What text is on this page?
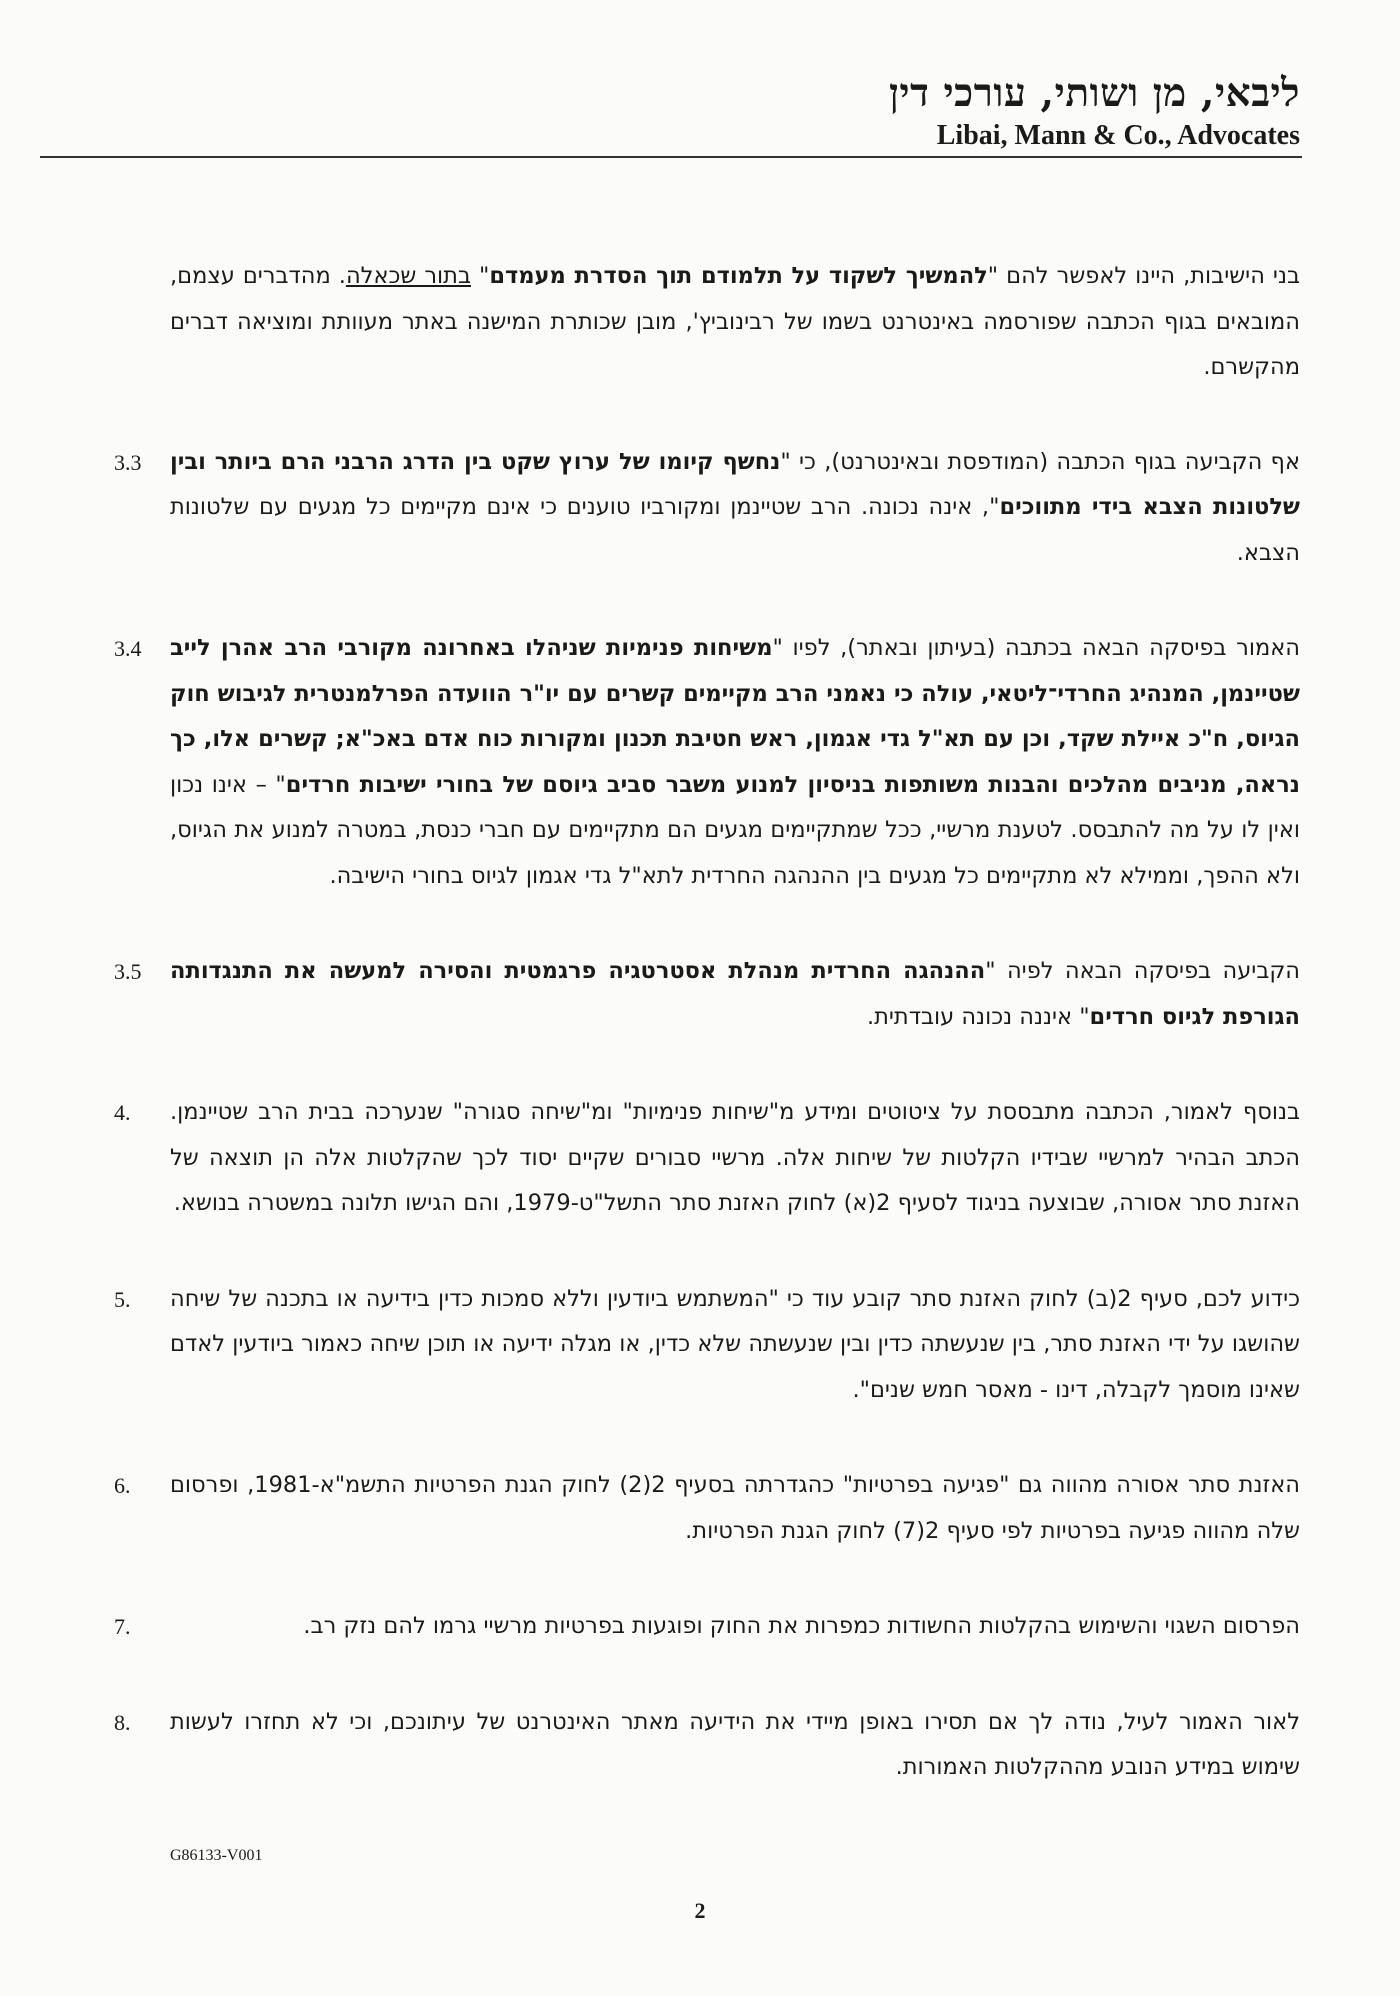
ליבאי, מן ושותי, עורכי דין
Libai, Mann & Co., Advocates
בני הישיבות, היינו לאפשר להם "להמשיך לשקוד על תלמודם תוך הסדרת מעמדם" בתור שכאלה. מהדברים עצמם, המובאים בגוף הכתבה שפורסמה באינטרנט בשמו של רבינוביץ', מובן שכותרת המישנה באתר מעוותת ומוציאה דברים מהקשרם.
3.3	אף הקביעה בגוף הכתבה (המודפסת ובאינטרנט), כי "נחשף קיומו של ערוץ שקט בין הדרג הרבני הרם ביותר ובין שלטונות הצבא בידי מתווכים", אינה נכונה. הרב שטיינמן ומקורביו טוענים כי אינם מקיימים כל מגעים עם שלטונות הצבא.
3.4	האמור בפיסקה הבאה בכתבה (בעיתון ובאתר), לפיו "משיחות פנימיות שניהלו באחרונה מקורבי הרב אהרן לייב שטיינמן, המנהיג החרדי־ליטאי, עולה כי נאמני הרב מקיימים קשרים עם יו"ר הוועדה הפרלמנטרית לגיבוש חוק הגיוס, ח"כ איילת שקד, וכן עם תא"ל גדי אגמון, ראש חטיבת תכנון ומקורות כוח אדם באכ"א; קשרים אלו, כך נראה, מניבים מהלכים והבנות משותפות בניסיון למנוע משבר סביב גיוסם של בחורי ישיבות חרדים" – אינו נכון ואין לו על מה להתבסס. לטענת מרשיי, ככל שמתקיימים מגעים הם מתקיימים עם חברי כנסת, במטרה למנוע את הגיוס, ולא ההפך, וממילא לא מתקיימים כל מגעים בין ההנהגה החרדית לתא"ל גדי אגמון לגיוס בחורי הישיבה.
3.5	הקביעה בפיסקה הבאה לפיה "ההנהגה החרדית מנהלת אסטרטגיה פרגמטית והסירה למעשה את התנגדותה הגורפת לגיוס חרדים" איננה נכונה עובדתית.
4.	בנוסף לאמור, הכתבה מתבססת על ציטוטים ומידע מ"שיחות פנימיות" ומ"שיחה סגורה" שנערכה בבית הרב שטיינמן. הכתב הבהיר למרשיי שבידיו הקלטות של שיחות אלה. מרשיי סבורים שקיים יסוד לכך שהקלטות אלה הן תוצאה של האזנת סתר אסורה, שבוצעה בניגוד לסעיף 2(א) לחוק האזנת סתר התשל"ט-1979, והם הגישו תלונה במשטרה בנושא.
5.	כידוע לכם, סעיף 2(ב) לחוק האזנת סתר קובע עוד כי "המשתמש ביודעין וללא סמכות כדין בידיעה או בתכנה של שיחה שהושגו על ידי האזנת סתר, בין שנעשתה כדין ובין שנעשתה שלא כדין, או מגלה ידיעה או תוכן שיחה כאמור ביודעין לאדם שאינו מוסמך לקבלה, דינו - מאסר חמש שנים".
6.	האזנת סתר אסורה מהווה גם "פגיעה בפרטיות" כהגדרתה בסעיף 2(2) לחוק הגנת הפרטיות התשמ"א-1981, ופרסום שלה מהווה פגיעה בפרטיות לפי סעיף 2(7) לחוק הגנת הפרטיות.
7.	הפרסום השגוי והשימוש בהקלטות החשודות כמפרות את החוק ופוגעות בפרטיות מרשיי גרמו להם נזק רב.
8.	לאור האמור לעיל, נודה לך אם תסירו באופן מיידי את הידיעה מאתר האינטרנט של עיתונכם, וכי לא תחזרו לעשות שימוש במידע הנובע מההקלטות האמורות.
G86133-V001
2
